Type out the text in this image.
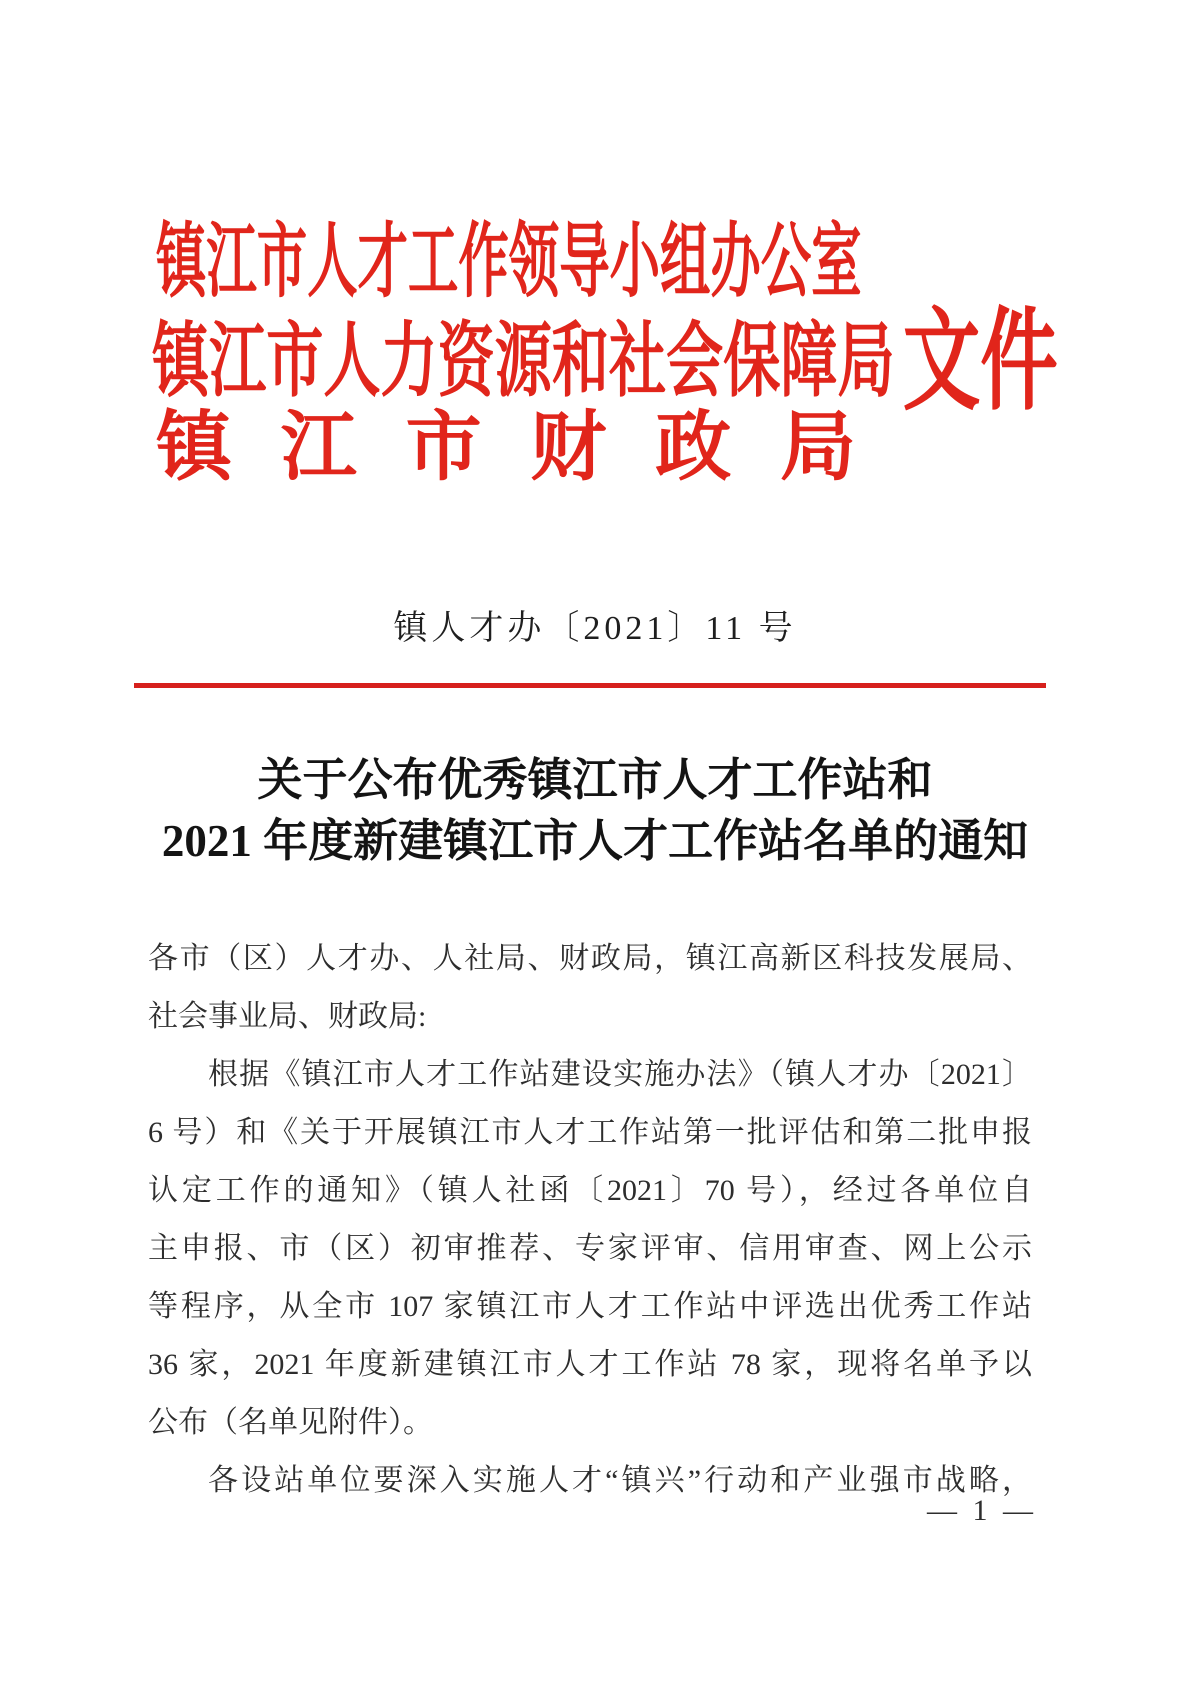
镇江市人才工作领导小组办公室
镇江市人力资源和社会保障局 文件
镇 江 市 财 政 局
镇人才办〔2021〕11 号
关于公布优秀镇江市人才工作站和
2021 年度新建镇江市人才工作站名单的通知
各市（区）人才办、人社局、财政局，镇江高新区科技发展局、
社会事业局、财政局:
根据《镇江市人才工作站建设实施办法》（镇人才办〔2021〕
6 号）和《关于开展镇江市人才工作站第一批评估和第二批申报
认定工作的通知》（镇人社函〔2021〕70 号），经过各单位自
主申报、市（区）初审推荐、专家评审、信用审查、网上公示
等程序，从全市 107 家镇江市人才工作站中评选出优秀工作站
36 家，2021 年度新建镇江市人才工作站 78 家，现将名单予以
公布（名单见附件）。
各设站单位要深入实施人才“镇兴”行动和产业强市战略，
— 1 —
